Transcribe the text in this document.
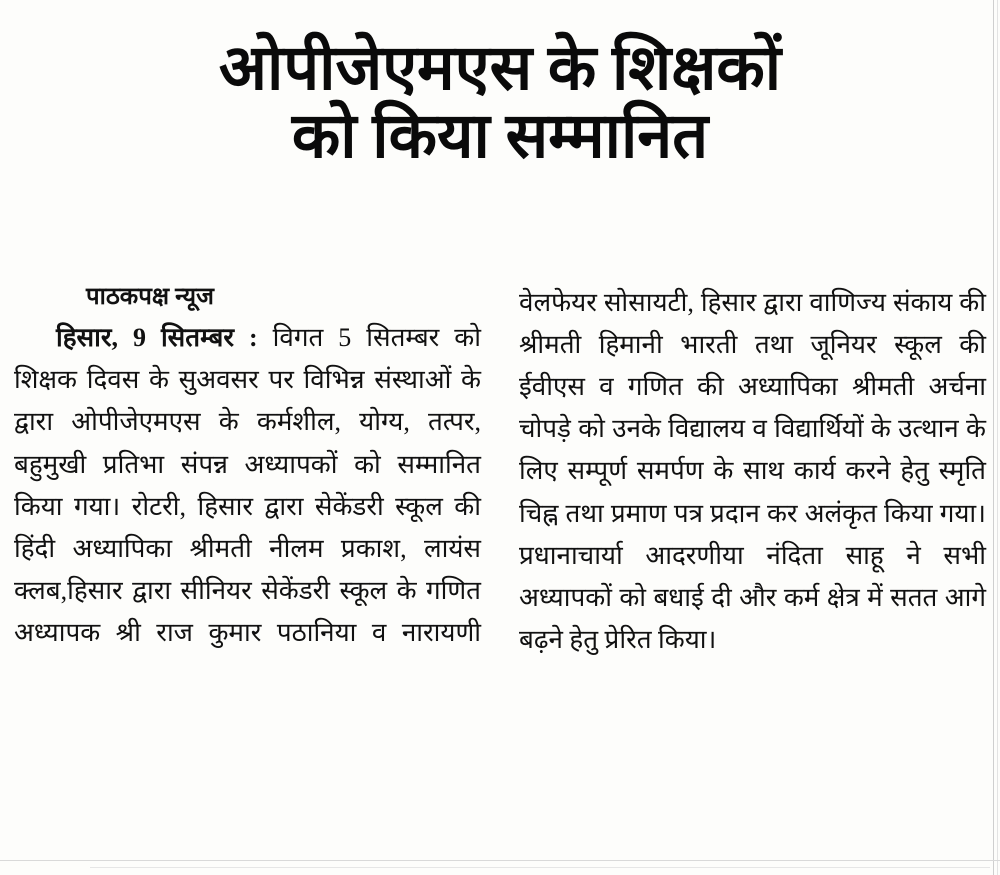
ओपीजेएमएस के शिक्षकों
को किया सम्मानित
पाठकपक्ष न्यूज

हिसार, 9 सितम्बर : विगत 5 सितम्बर को शिक्षक दिवस के सुअवसर पर विभिन्न संस्थाओं के द्वारा ओपीजेएमएस के कर्मशील, योग्य, तत्पर, बहुमुखी प्रतिभा संपन्न अध्यापकों को सम्मानित किया गया। रोटरी, हिसार द्वारा सेकेंडरी स्कूल की हिंदी अध्यापिका श्रीमती नीलम प्रकाश, लायंस क्लब,हिसार द्वारा सीनियर सेकेंडरी स्कूल के गणित अध्यापक श्री राज कुमार पठानिया व नारायणी

वेलफेयर सोसायटी, हिसार द्वारा वाणिज्य संकाय की श्रीमती हिमानी भारती तथा जूनियर स्कूल की ईवीएस व गणित की अध्यापिका श्रीमती अर्चना चोपड़े को उनके विद्यालय व विद्यार्थियों के उत्थान के लिए सम्पूर्ण समर्पण के साथ कार्य करने हेतु स्मृति चिह्न तथा प्रमाण पत्र प्रदान कर अलंकृत किया गया। प्रधानाचार्या आदरणीया नंदिता साहू ने सभी अध्यापकों को बधाई दी और कर्म क्षेत्र में सतत आगे बढ़ने हेतु प्रेरित किया।
